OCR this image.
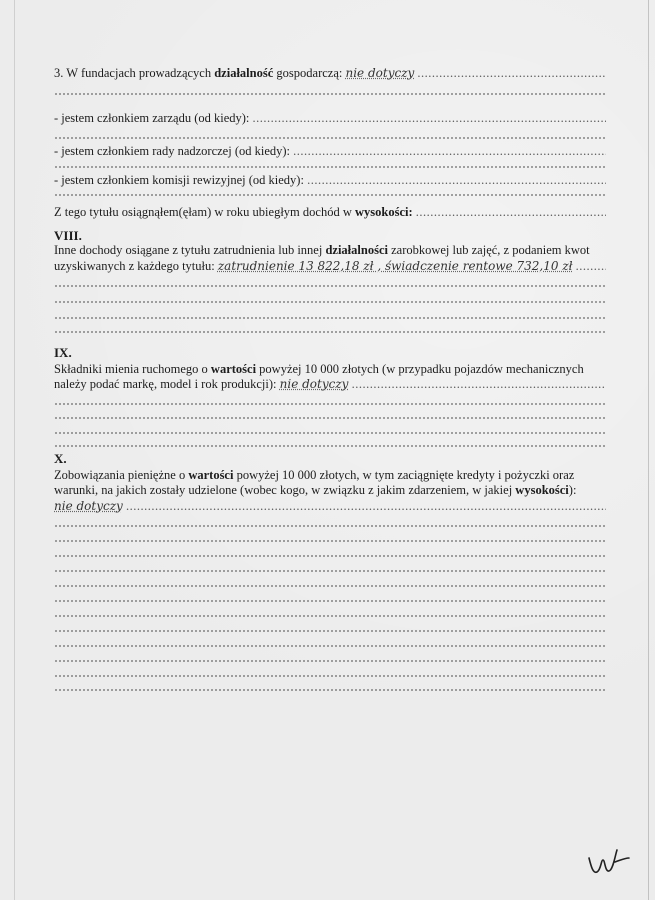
3. W fundacjach prowadzących działalność gospodarczą: nie dotyczy .....
- jestem członkiem zarządu (od kiedy): .....
- jestem członkiem rady nadzorczej (od kiedy): .....
- jestem członkiem komisji rewizyjnej (od kiedy): .....
Z tego tytułu osiągnąłem(ęłam) w roku ubiegłym dochód w wysokości: .....
VIII.
Inne dochody osiągane z tytułu zatrudnienia lub innej działalności zarobkowej lub zajęć, z podaniem kwot
uzyskiwanych z każdego tytułu: zatrudnienie 13 822,18 zł , świadczenie rentowe 732,10 zł .....
IX.
Składniki mienia ruchomego o wartości powyżej 10 000 złotych (w przypadku pojazdów mechanicznych
należy podać markę, model i rok produkcji): nie dotyczy .....
X.
Zobowiązania pieniężne o wartości powyżej 10 000 złotych, w tym zaciągnięte kredyty i pożyczki oraz
warunki, na jakich zostały udzielone (wobec kogo, w związku z jakim zdarzeniem, w jakiej wysokości):
nie dotyczy .....
